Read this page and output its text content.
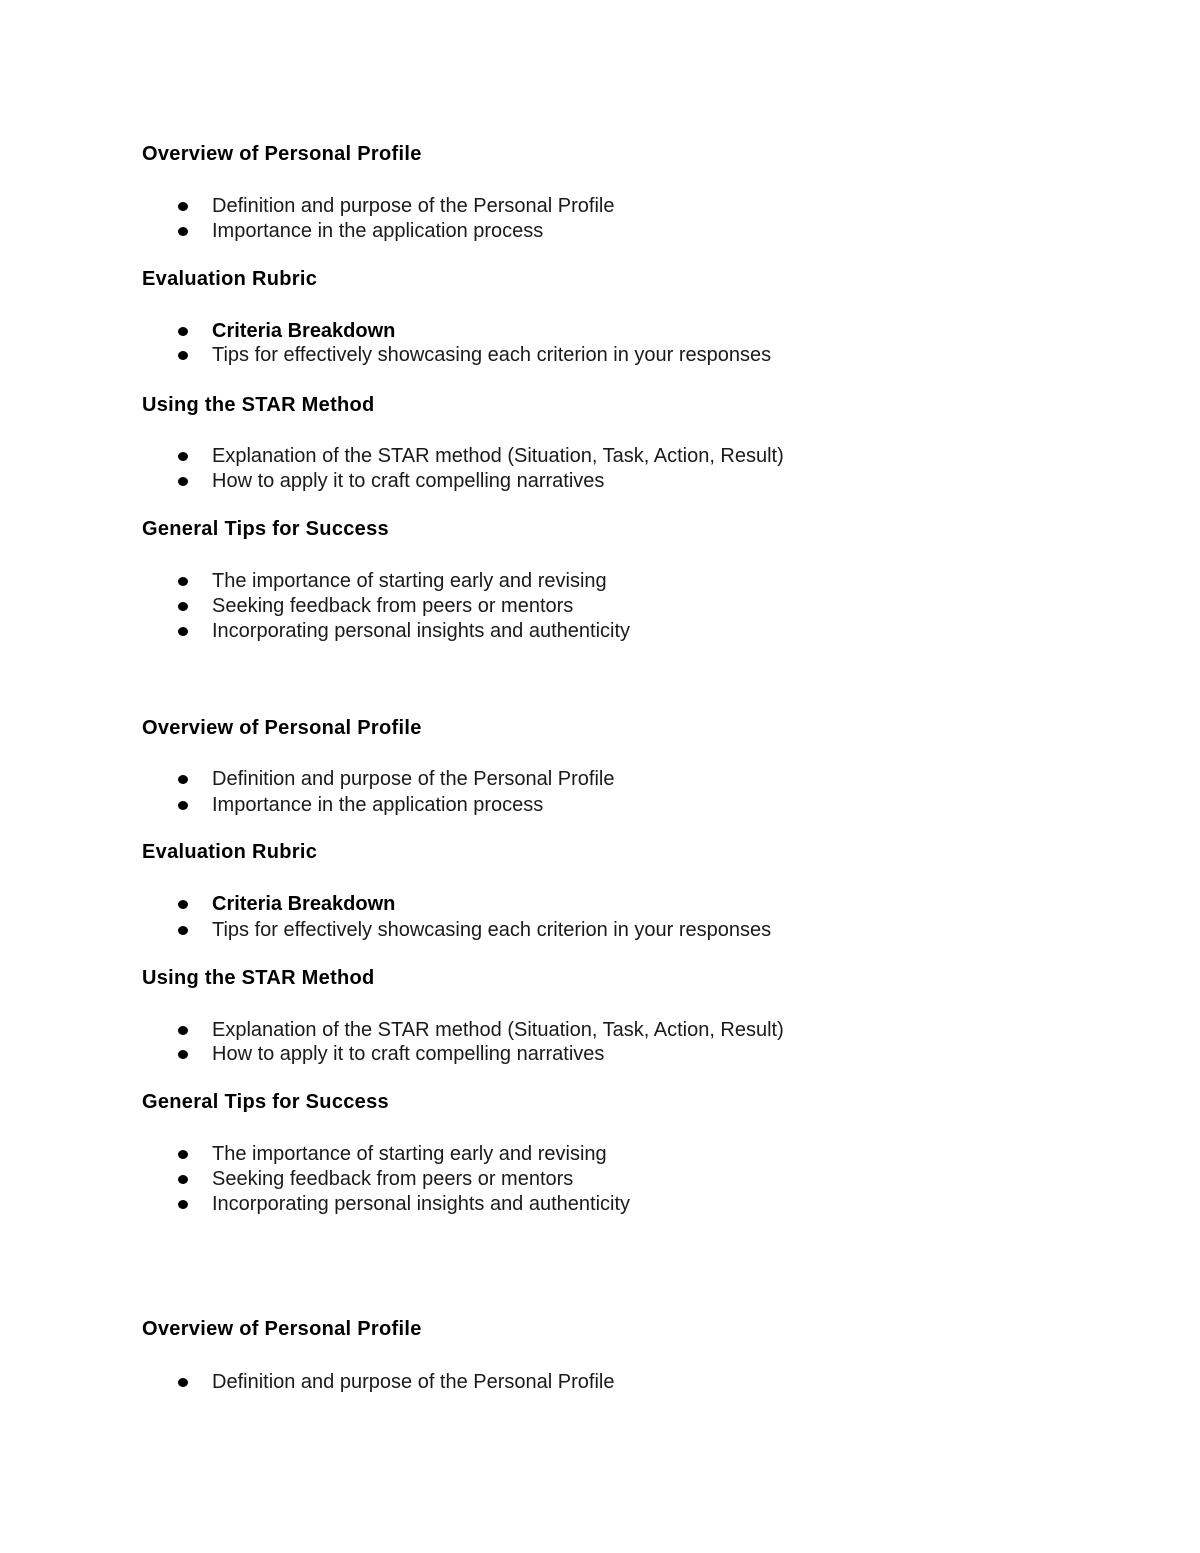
Overview of Personal Profile
Definition and purpose of the Personal Profile
Importance in the application process
Evaluation Rubric
Criteria Breakdown
Tips for effectively showcasing each criterion in your responses
Using the STAR Method
Explanation of the STAR method (Situation, Task, Action, Result)
How to apply it to craft compelling narratives
General Tips for Success
The importance of starting early and revising
Seeking feedback from peers or mentors
Incorporating personal insights and authenticity
Overview of Personal Profile
Definition and purpose of the Personal Profile
Importance in the application process
Evaluation Rubric
Criteria Breakdown
Tips for effectively showcasing each criterion in your responses
Using the STAR Method
Explanation of the STAR method (Situation, Task, Action, Result)
How to apply it to craft compelling narratives
General Tips for Success
The importance of starting early and revising
Seeking feedback from peers or mentors
Incorporating personal insights and authenticity
Overview of Personal Profile
Definition and purpose of the Personal Profile
